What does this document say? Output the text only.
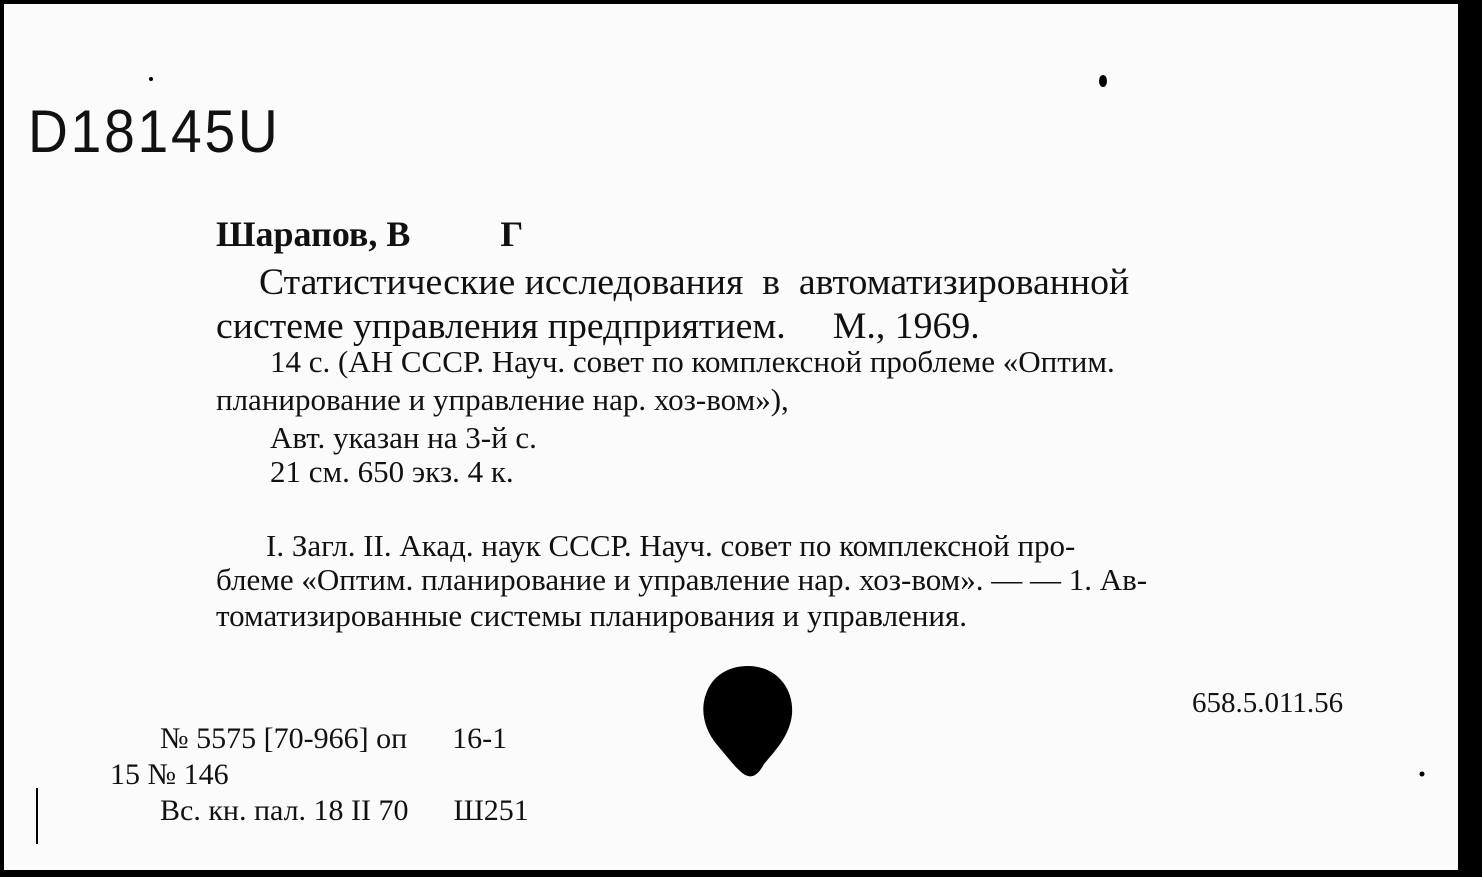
D18145U
Шарапов, В          Г
Статистические исследования  в  автоматизированной
системе управления предприятием.     М., 1969.
14 с. (АН СССР. Науч. совет по комплексной проблеме «Оптим.
планирование и управление нар. хоз-вом»),
Авт. указан на 3-й с.
21 см. 650 экз. 4 к.
I. Загл. II. Акад. наук СССР. Науч. совет по комплексной про-
блеме «Оптим. планирование и управление нар. хоз-вом». — — 1. Ав-
томатизированные системы планирования и управления.
658.5.011.56
№ 5575 [70-966] оп      16-1
15 № 146
Вс. кн. пал. 18 II 70      Ш251
